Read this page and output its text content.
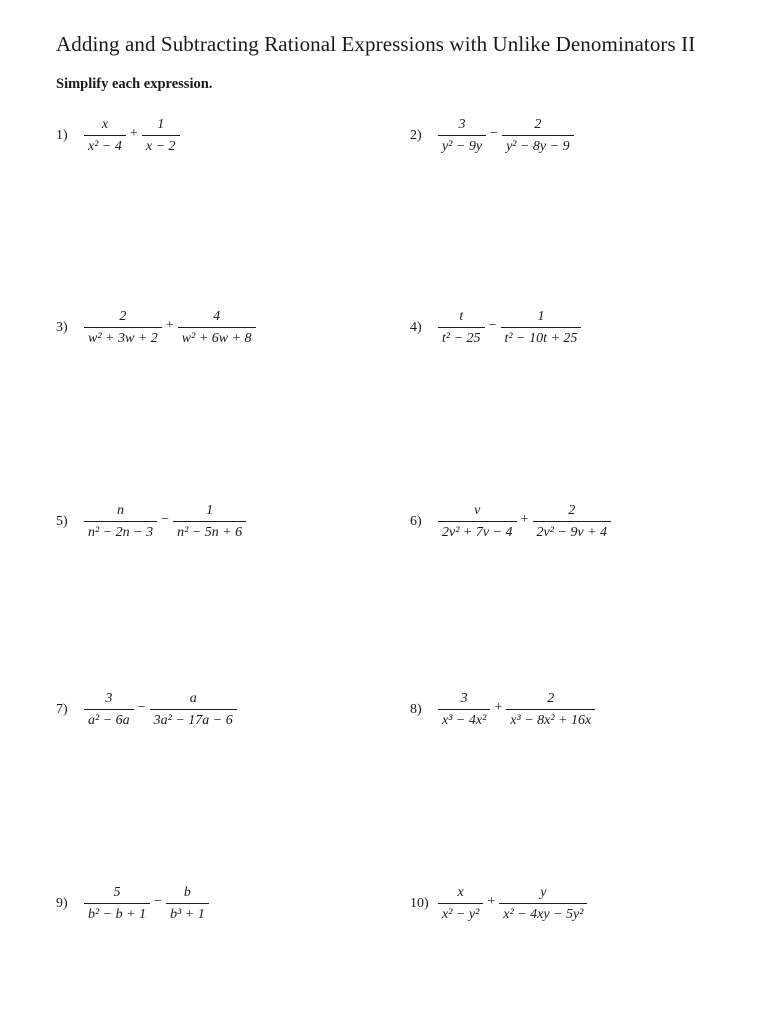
Adding and Subtracting Rational Expressions with Unlike Denominators II
Simplify each expression.
1)	$\frac{x}{\text{x² − 4}} + \frac{1}{x - 2}$	2)	$\frac{3}{\text{y² − 9y}} - \frac{2}{\text{y² − 8y − 9}}$
3)	$\frac{2}{\text{w² + 3w + 2}} + \frac{4}{\text{w² + 6w + 8}}$	4)	$\frac{t}{\text{t² − 25}} - \frac{1}{\text{t² − 10t + 25}}$
5)	$\frac{n}{\text{n² − 2n − 3}} - \frac{1}{\text{n² − 5n + 6}}$	6)	$\frac{v}{\text{2v² + 7v − 4}} + \frac{2}{\text{2v² − 9v + 4}}$
7)	$\frac{3}{\text{a² − 6a}} - \frac{a}{\text{3a² − 17a − 6}}$	8)	$\frac{3}{\text{x³ − 4x²}} + \frac{2}{\text{x³ − 8x² + 16x}}$
9)	$\frac{5}{\text{b² − b + 1}} - \frac{b}{\text{b³ + 1}}$	$10) \frac{x}{\text{x² − y²}} + \frac{y}{\text{x² − 4xy − 5y²}}$
